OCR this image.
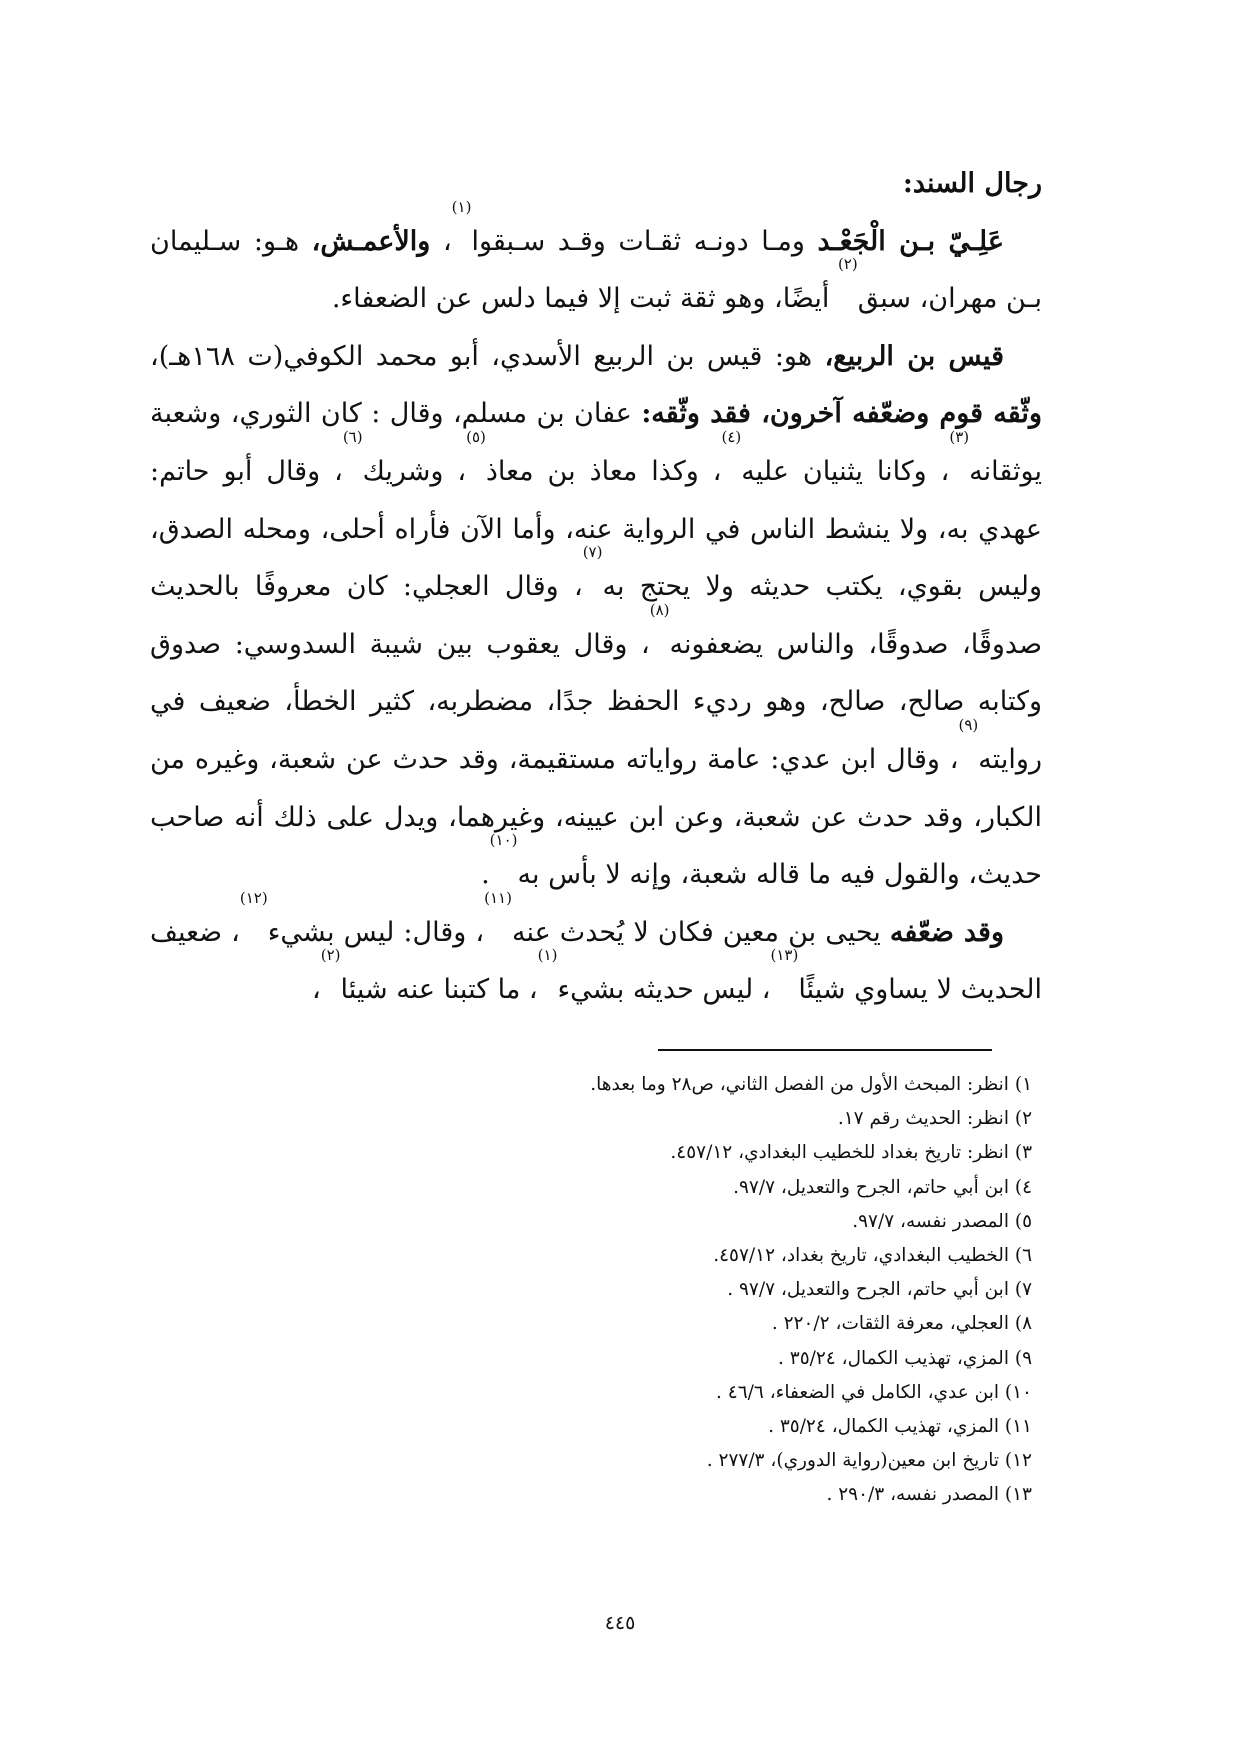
رجال السند:

عَلِـيّ بـن الْجَعْـد ومـا دونـه ثقـات وقـد سـبقوا$^{(١)}$، والأعمـش، هـو: سـليمان بـن مهران، سبق$^{(٢)}$ أيضًا، وهو ثقة ثبت إلا فيما دلس عن الضعفاء.

قيس بن الربيع، هو: قيس بن الربيع الأسدي، أبو محمد الكوفي(ت ١٦٨هـ)، وثّقه قوم وضعّفه آخرون، فقد وثّقه: عفان بن مسلم، وقال : كان الثوري، وشعبة يوثقانه$^{(٣)}$، وكانا يثنيان عليه$^{(٤)}$، وكذا معاذ بن معاذ$^{(٥)}$، وشريك$^{(٦)}$، وقال أبو حاتم: عهدي به، ولا ينشط الناس في الرواية عنه، وأما الآن فأراه أحلى، ومحله الصدق، وليس بقوي، يكتب حديثه ولا يحتج به$^{(٧)}$، وقال العجلي: كان معروفًا بالحديث صدوقًا، صدوقًا، والناس يضعفونه$^{(٨)}$، وقال يعقوب بين شيبة السدوسي: صدوق وكتابه صالح، صالح، وهو رديء الحفظ جدًا، مضطربه، كثير الخطأ، ضعيف في روايته$^{(٩)}$، وقال ابن عدي: عامة رواياته مستقيمة، وقد حدث عن شعبة، وغيره من الكبار، وقد حدث عن شعبة، وعن ابن عيينه، وغيرهما، ويدل على ذلك أنه صاحب حديث، والقول فيه ما قاله شعبة، وإنه لا بأس به$^{(١٠)}$.

وقد ضعّفه يحيى بن معين فكان لا يُحدث عنه$^{(١١)}$، وقال: ليس بشيء$^{(١٢)}$، ضعيف الحديث لا يساوي شيئًا$^{(١٣)}$، ليس حديثه بشيء$^{(١)}$، ما كتبنا عنه شيئا$^{(٢)}$،

١) انظر: المبحث الأول من الفصل الثاني، ص٢٨ وما بعدها.

٢) انظر: الحديث رقم ١٧.

٣) انظر: تاريخ بغداد للخطيب البغدادي، ٤٥٧/١٢.

٤) ابن أبي حاتم، الجرح والتعديل، ٩٧/٧.

٥) المصدر نفسه، ٩٧/٧.

٦) الخطيب البغدادي، تاريخ بغداد، ٤٥٧/١٢.

٧) ابن أبي حاتم، الجرح والتعديل، ٩٧/٧ .

٨) العجلي، معرفة الثقات، ٢٢٠/٢ .

٩) المزي، تهذيب الكمال، ٣٥/٢٤ .

١٠) ابن عدي، الكامل في الضعفاء، ٤٦/٦ .

١١) المزي، تهذيب الكمال، ٣٥/٢٤ .

١٢) تاريخ ابن معين(رواية الدوري)، ٢٧٧/٣ .

١٣) المصدر نفسه، ٢٩٠/٣ .

٤٤٥
